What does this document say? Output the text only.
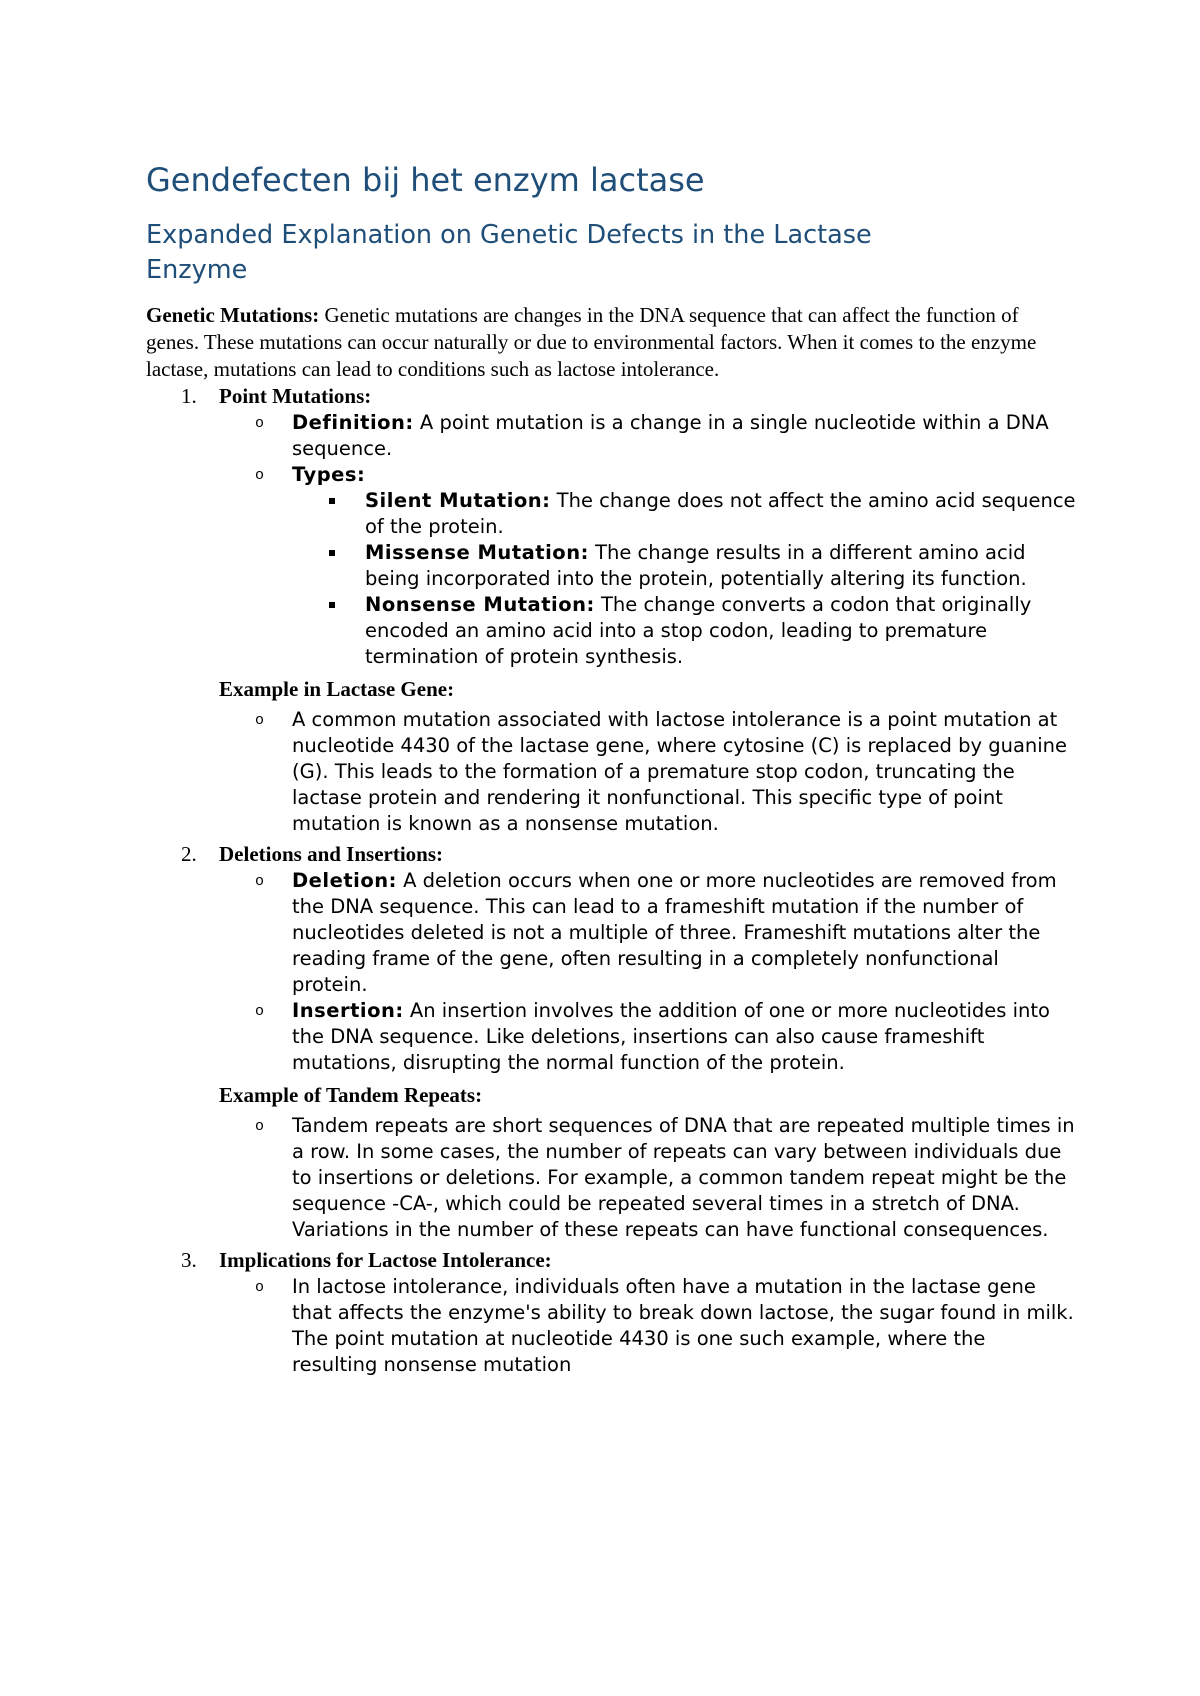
Gendefecten bij het enzym lactase
Expanded Explanation on Genetic Defects in the Lactase Enzyme

Genetic Mutations: Genetic mutations are changes in the DNA sequence that can affect the function of genes. These mutations can occur naturally or due to environmental factors. When it comes to the enzyme lactase, mutations can lead to conditions such as lactose intolerance.

1. Point Mutations:
o Definition: A point mutation is a change in a single nucleotide within a DNA sequence.
o Types:
Silent Mutation: The change does not affect the amino acid sequence of the protein.
Missense Mutation: The change results in a different amino acid being incorporated into the protein, potentially altering its function.
Nonsense Mutation: The change converts a codon that originally encoded an amino acid into a stop codon, leading to premature termination of protein synthesis.
Example in Lactase Gene:
o A common mutation associated with lactose intolerance is a point mutation at nucleotide 4430 of the lactase gene, where cytosine (C) is replaced by guanine (G). This leads to the formation of a premature stop codon, truncating the lactase protein and rendering it nonfunctional. This specific type of point mutation is known as a nonsense mutation.
2. Deletions and Insertions:
o Deletion: A deletion occurs when one or more nucleotides are removed from the DNA sequence. This can lead to a frameshift mutation if the number of nucleotides deleted is not a multiple of three. Frameshift mutations alter the reading frame of the gene, often resulting in a completely nonfunctional protein.
o Insertion: An insertion involves the addition of one or more nucleotides into the DNA sequence. Like deletions, insertions can also cause frameshift mutations, disrupting the normal function of the protein.
Example of Tandem Repeats:
o Tandem repeats are short sequences of DNA that are repeated multiple times in a row. In some cases, the number of repeats can vary between individuals due to insertions or deletions. For example, a common tandem repeat might be the sequence -CA-, which could be repeated several times in a stretch of DNA. Variations in the number of these repeats can have functional consequences.
3. Implications for Lactose Intolerance:
o In lactose intolerance, individuals often have a mutation in the lactase gene that affects the enzyme's ability to break down lactose, the sugar found in milk. The point mutation at nucleotide 4430 is one such example, where the resulting nonsense mutation
